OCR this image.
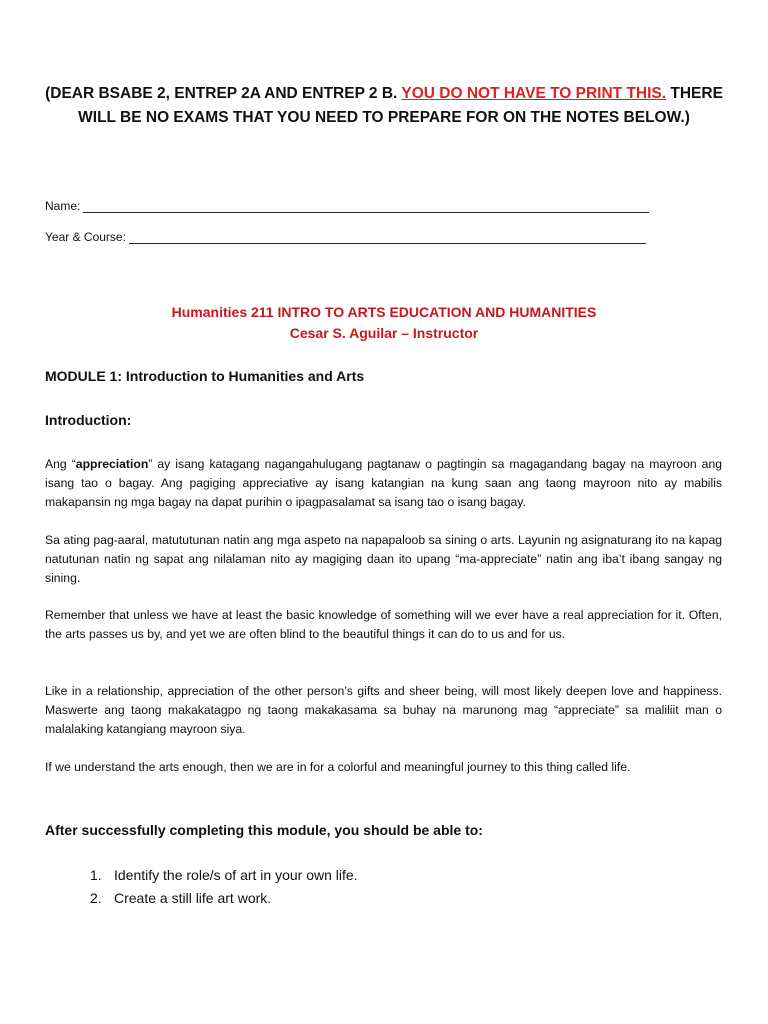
(DEAR BSABE 2, ENTREP 2A AND ENTREP 2 B. YOU DO NOT HAVE TO PRINT THIS. THERE WILL BE NO EXAMS THAT YOU NEED TO PREPARE FOR ON THE NOTES BELOW.)
Name:
Year & Course:
Humanities 211 INTRO TO ARTS EDUCATION AND HUMANITIES
Cesar S. Aguilar – Instructor
MODULE 1: Introduction to Humanities and Arts
Introduction:

Ang “appreciation” ay isang katagang nagangahulugang pagtanaw o pagtingin sa magagandang bagay na mayroon ang isang tao o bagay. Ang pagiging appreciative ay isang katangian na kung saan ang taong mayroon nito ay mabilis makapansin ng mga bagay na dapat purihin o ipagpasalamat sa isang tao o isang bagay.

Sa ating pag-aaral, matututunan natin ang mga aspeto na napapaloob sa sining o arts. Layunin ng asignaturang ito na kapag natutunan natin ng sapat ang nilalaman nito ay magiging daan ito upang “ma-appreciate” natin ang iba’t ibang sangay ng sining.

Remember that unless we have at least the basic knowledge of something will we ever have a real appreciation for it. Often, the arts passes us by, and yet we are often blind to the beautiful things it can do to us and for us.

Like in a relationship, appreciation of the other person’s gifts and sheer being, will most likely deepen love and happiness. Maswerte ang taong makakatagpo ng taong makakasama sa buhay na marunong mag “appreciate” sa maliliit man o malalaking katangiang mayroon siya.

If we understand the arts enough, then we are in for a colorful and meaningful journey to this thing called life.

After successfully completing this module, you should be able to:
1. Identify the role/s of art in your own life.
2. Create a still life art work.
